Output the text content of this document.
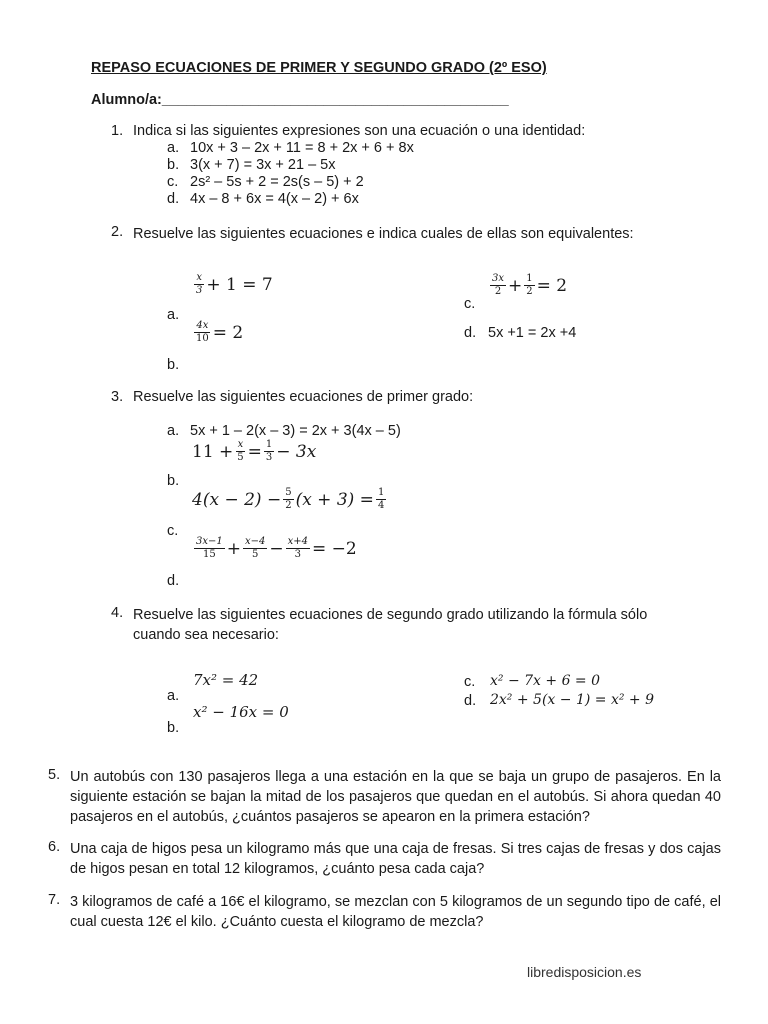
REPASO ECUACIONES DE PRIMER Y SEGUNDO GRADO (2º ESO)
Alumno/a:___________________________________________
1. Indica si las siguientes expresiones son una ecuación o una identidad:
a. 10x + 3 – 2x + 11 = 8 + 2x + 6 + 8x
b. 3(x + 7) = 3x + 21 – 5x
c. 2s² – 5s + 2 = 2s(s – 5) + 2
d. 4x – 8 + 6x = 4(x – 2) + 6x
2. Resuelve las siguientes ecuaciones e indica cuales de ellas son equivalentes:
$\frac{x}{3} + 1 = 7$
a.
$\frac{4x}{10} = 2$
b.
c.
$\frac{3x}{2} + \frac{1}{2} = 2$
d. 5x +1 = 2x +4
3. Resuelve las siguientes ecuaciones de primer grado:
a. 5x + 1 – 2(x – 3) = 2x + 3(4x – 5)
$11 + \frac{x}{5} = \frac{1}{3} - 3x$
b.
$4(x - 2) - \frac{5}{2} (x + 3) = \frac{1}{4}$
c.
$\frac{3x-1}{15} + \frac{x-4}{5} - \frac{x+4}{3} = -2$
d.
4. Resuelve las siguientes ecuaciones de segundo grado utilizando la fórmula sólo cuando sea necesario:
7x² = 42
a.
x² − 16x = 0
b.
c. x² − 7x + 6 = 0
d. 2x² + 5(x − 1) = x² + 9
5. Un autobús con 130 pasajeros llega a una estación en la que se baja un grupo de pasajeros. En la siguiente estación se bajan la mitad de los pasajeros que quedan en el autobús. Si ahora quedan 40 pasajeros en el autobús, ¿cuántos pasajeros se apearon en la primera estación?
6. Una caja de higos pesa un kilogramo más que una caja de fresas. Si tres cajas de fresas y dos cajas de higos pesan en total 12 kilogramos, ¿cuánto pesa cada caja?
7. 3 kilogramos de café a 16€ el kilogramo, se mezclan con 5 kilogramos de un segundo tipo de café, el cual cuesta 12€ el kilo. ¿Cuánto cuesta el kilogramo de mezcla?
libredisposicion.es
